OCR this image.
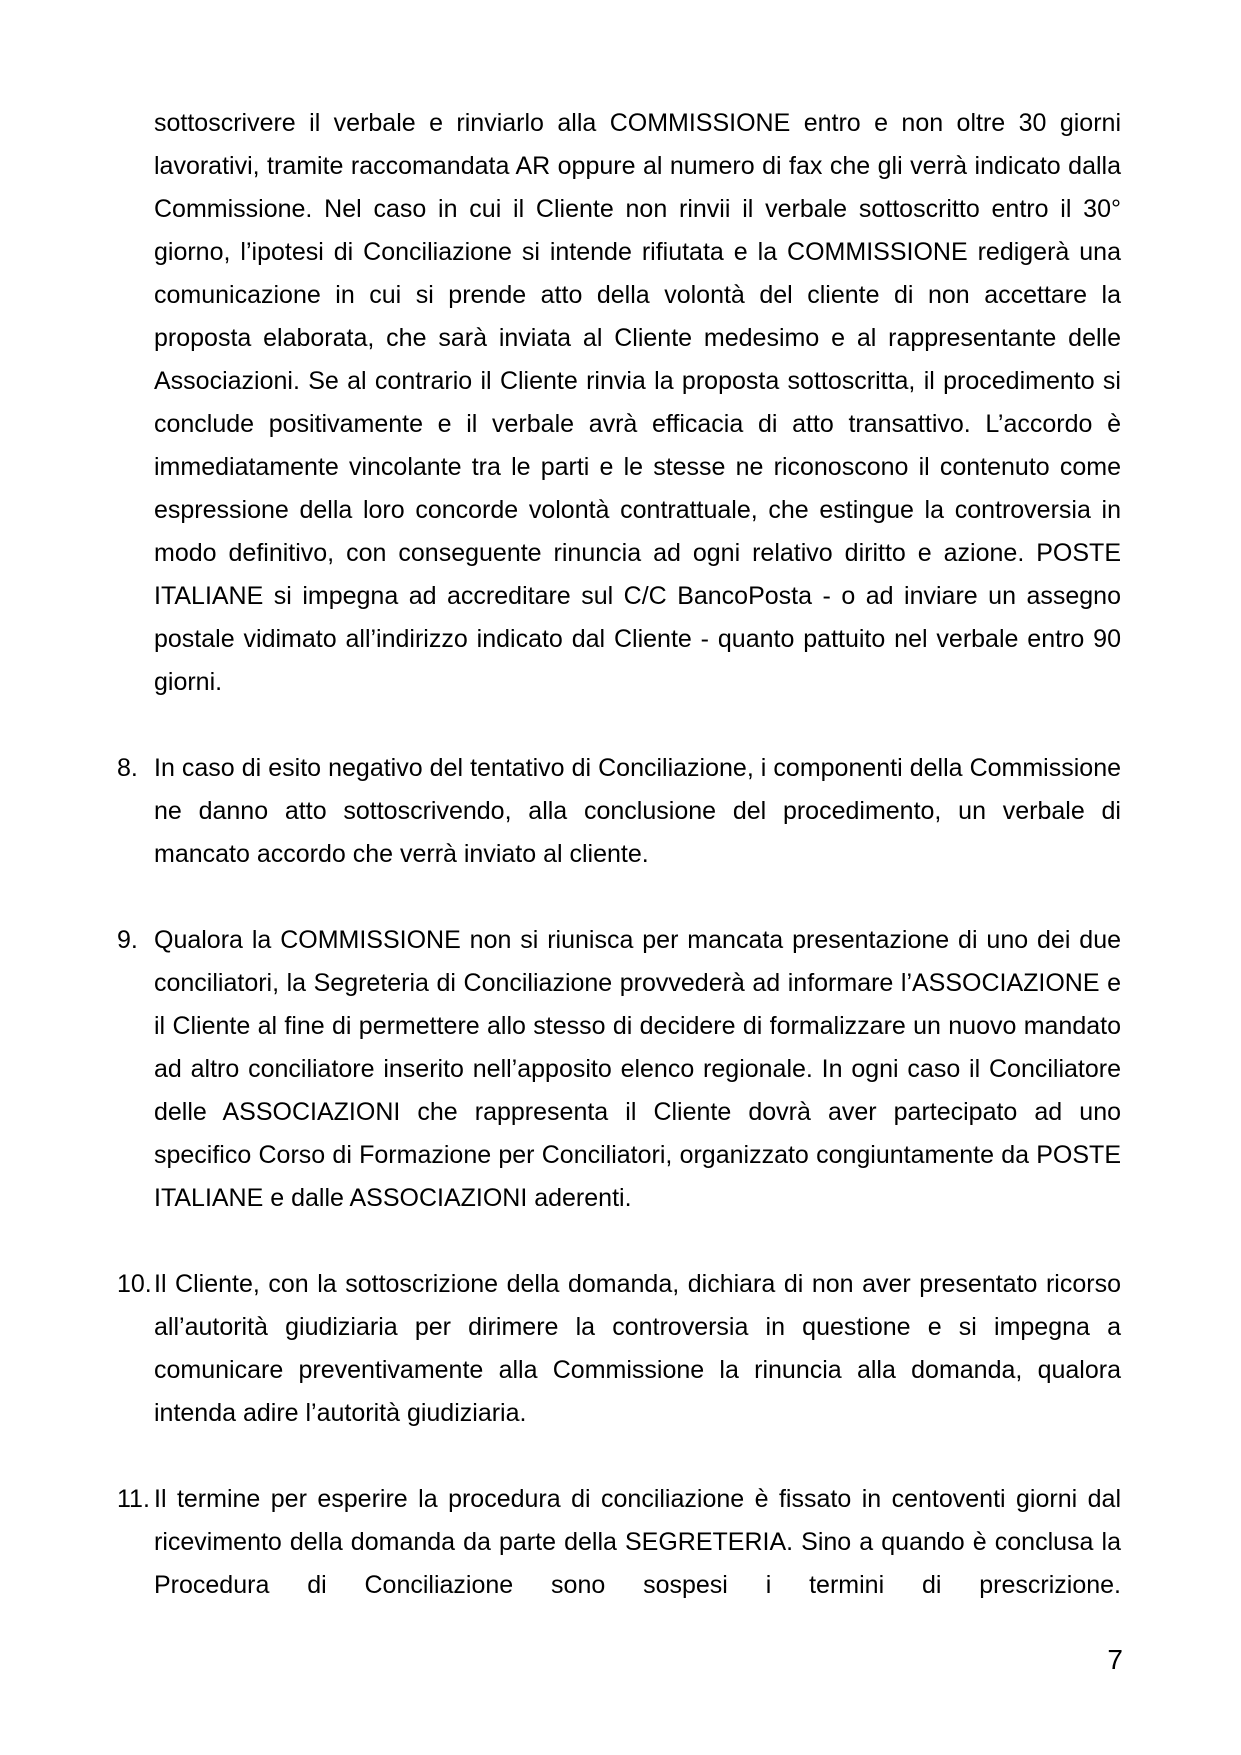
sottoscrivere il verbale e rinviarlo alla COMMISSIONE entro e non oltre 30 giorni lavorativi, tramite raccomandata AR oppure al numero di fax che gli verrà indicato dalla Commissione. Nel caso in cui il Cliente non rinvii il verbale sottoscritto entro il 30° giorno, l’ipotesi di Conciliazione si intende rifiutata e la COMMISSIONE redigerà una comunicazione in cui si prende atto della volontà del cliente di non accettare la proposta elaborata, che sarà inviata al Cliente medesimo e al rappresentante delle Associazioni. Se al contrario il Cliente rinvia la proposta sottoscritta, il procedimento si conclude positivamente e il verbale avrà efficacia di atto transattivo. L’accordo è immediatamente vincolante tra le parti e le stesse ne riconoscono il contenuto come espressione della loro concorde volontà contrattuale, che estingue la controversia in modo definitivo, con conseguente rinuncia ad ogni relativo diritto e azione. POSTE ITALIANE si impegna ad accreditare sul C/C BancoPosta - o ad inviare un assegno postale vidimato all’indirizzo indicato dal Cliente - quanto pattuito nel verbale entro 90 giorni.

8. In caso di esito negativo del tentativo di Conciliazione, i componenti della Commissione ne danno atto sottoscrivendo, alla conclusione del procedimento, un verbale di mancato accordo che verrà inviato al cliente.
9. Qualora la COMMISSIONE non si riunisca per mancata presentazione di uno dei due conciliatori, la Segreteria di Conciliazione provvederà ad informare l’ASSOCIAZIONE e il Cliente al fine di permettere allo stesso di decidere di formalizzare un nuovo mandato ad altro conciliatore inserito nell’apposito elenco regionale. In ogni caso il Conciliatore delle ASSOCIAZIONI che rappresenta il Cliente dovrà aver partecipato ad uno specifico Corso di Formazione per Conciliatori, organizzato congiuntamente da POSTE ITALIANE e dalle ASSOCIAZIONI aderenti.
10. Il Cliente, con la sottoscrizione della domanda, dichiara di non aver presentato ricorso all’autorità giudiziaria per dirimere la controversia in questione e si impegna a comunicare preventivamente alla Commissione la rinuncia alla domanda, qualora intenda adire l’autorità giudiziaria.
11. Il termine per esperire la procedura di conciliazione è fissato in centoventi giorni dal ricevimento della domanda da parte della SEGRETERIA. Sino a quando è conclusa la Procedura di Conciliazione sono sospesi i termini di prescrizione.
7
